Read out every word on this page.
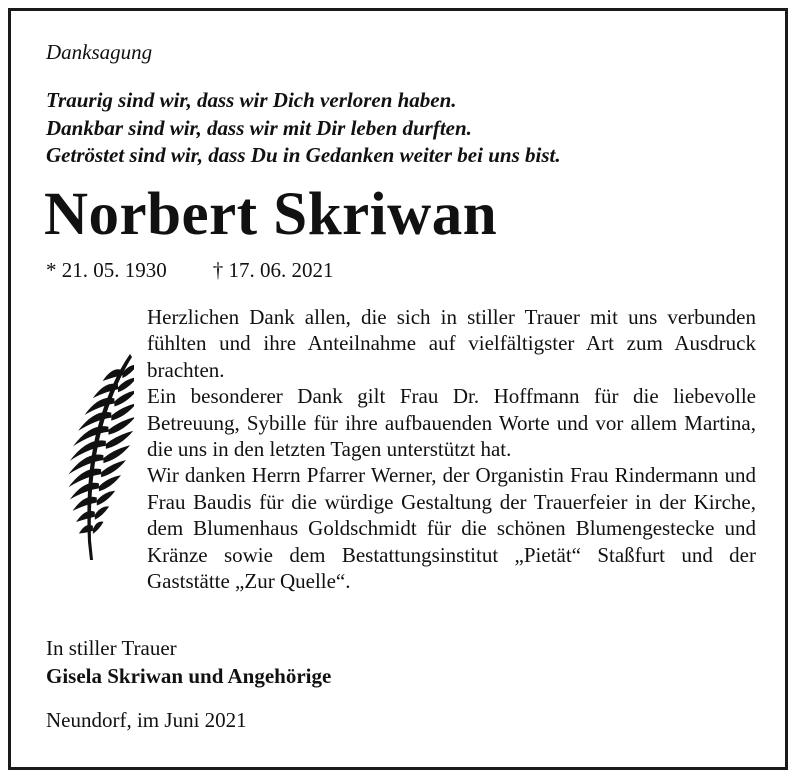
Danksagung
Traurig sind wir, dass wir Dich verloren haben.
Dankbar sind wir, dass wir mit Dir leben durften.
Getröstet sind wir, dass Du in Gedanken weiter bei uns bist.
Norbert Skriwan
* 21. 05. 1930 † 17. 06. 2021

Herzlichen Dank allen, die sich in stiller Trauer mit uns verbunden fühlten und ihre Anteilnahme auf vielfältigster Art zum Ausdruck brachten.

Ein besonderer Dank gilt Frau Dr. Hoffmann für die liebevolle Betreuung, Sybille für ihre aufbauenden Worte und vor allem Martina, die uns in den letzten Tagen unterstützt hat.

Wir danken Herrn Pfarrer Werner, der Organistin Frau Rindermann und Frau Baudis für die würdige Gestaltung der Trauerfeier in der Kirche, dem Blumenhaus Goldschmidt für die schönen Blumengestecke und Kränze sowie dem Bestattungsinstitut „Pietät“ Staßfurt und der Gaststätte „Zur Quelle“.

In stiller Trauer
Gisela Skriwan und Angehörige
Neundorf, im Juni 2021
